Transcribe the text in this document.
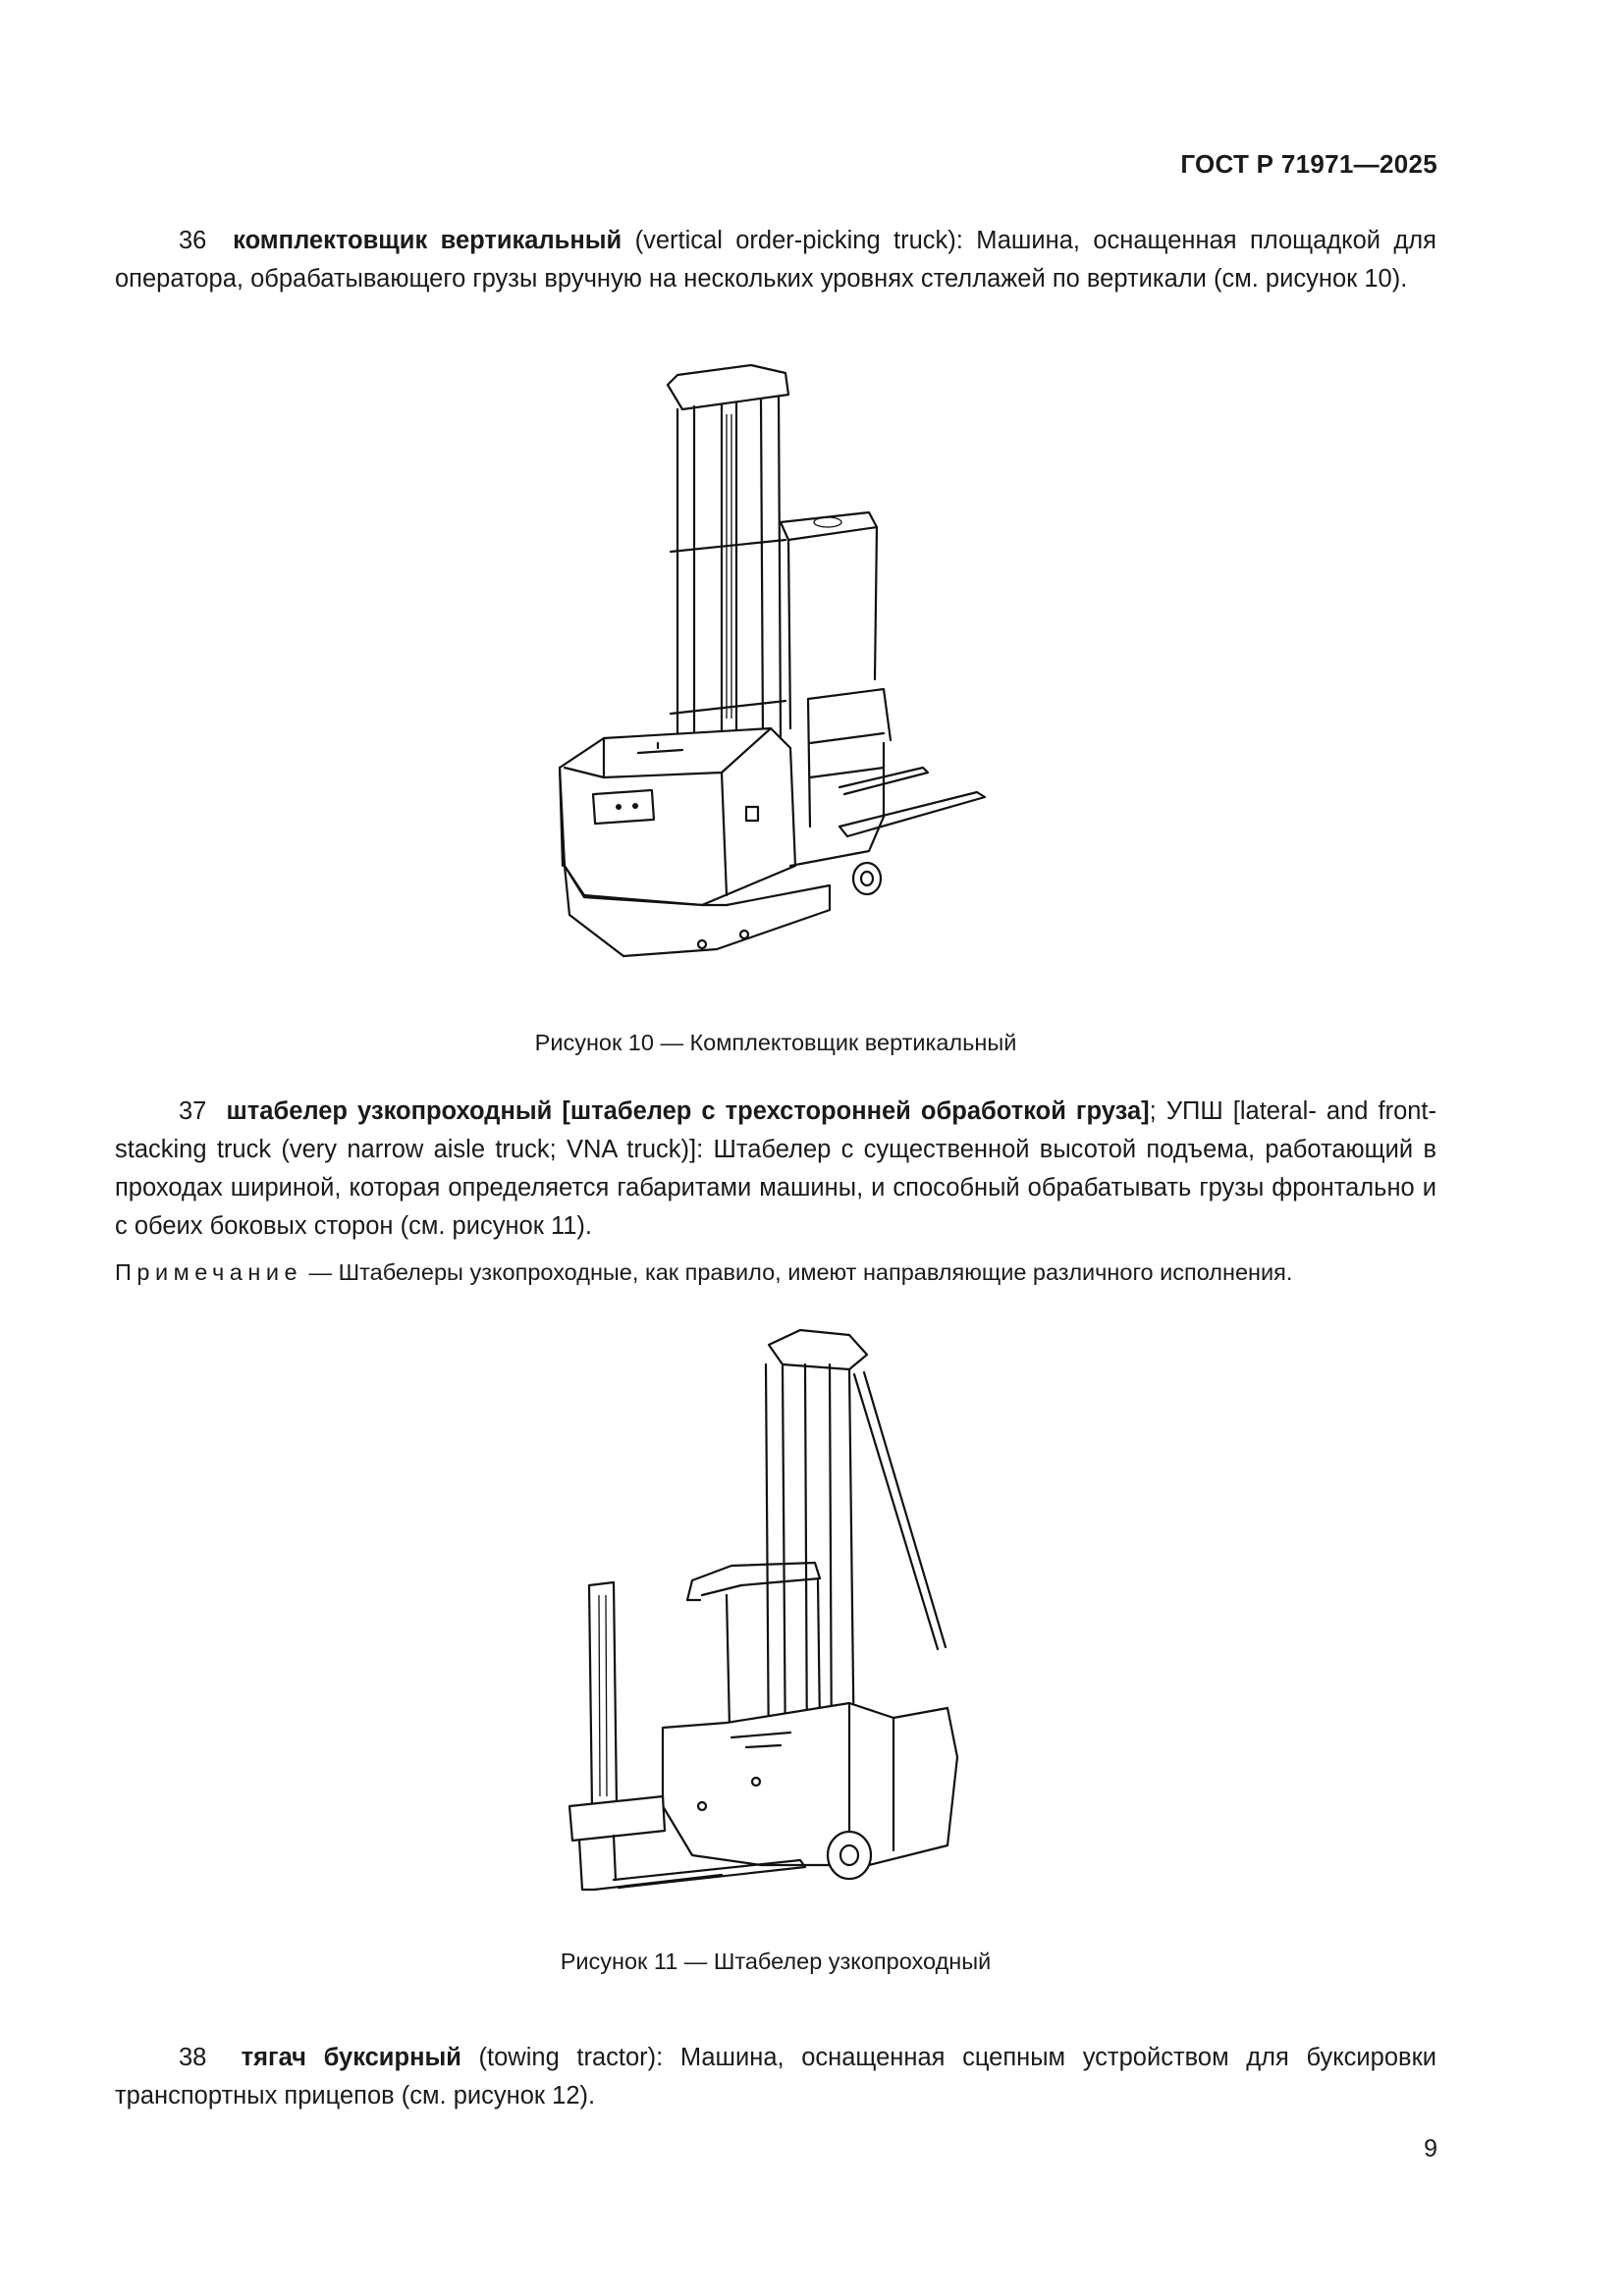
ГОСТ Р 71971—2025
36 комплектовщик вертикальный (vertical order-picking truck): Машина, оснащенная площадкой для оператора, обрабатывающего грузы вручную на нескольких уровнях стеллажей по вертикали (см. рисунок 10).
Рисунок 10 — Комплектовщик вертикальный
37 штабелер узкопроходный [штабелер с трехсторонней обработкой груза]; УПШ [lateral- and front-stacking truck (very narrow aisle truck; VNA truck)]: Штабелер с существенной высотой подъема, работающий в проходах шириной, которая определяется габаритами машины, и способный обрабатывать грузы фронтально и с обеих боковых сторон (см. рисунок 11).
Примечание — Штабелеры узкопроходные, как правило, имеют направляющие различного исполнения.
Рисунок 11 — Штабелер узкопроходный
38 тягач буксирный (towing tractor): Машина, оснащенная сцепным устройством для буксировки транспортных прицепов (см. рисунок 12).
9
